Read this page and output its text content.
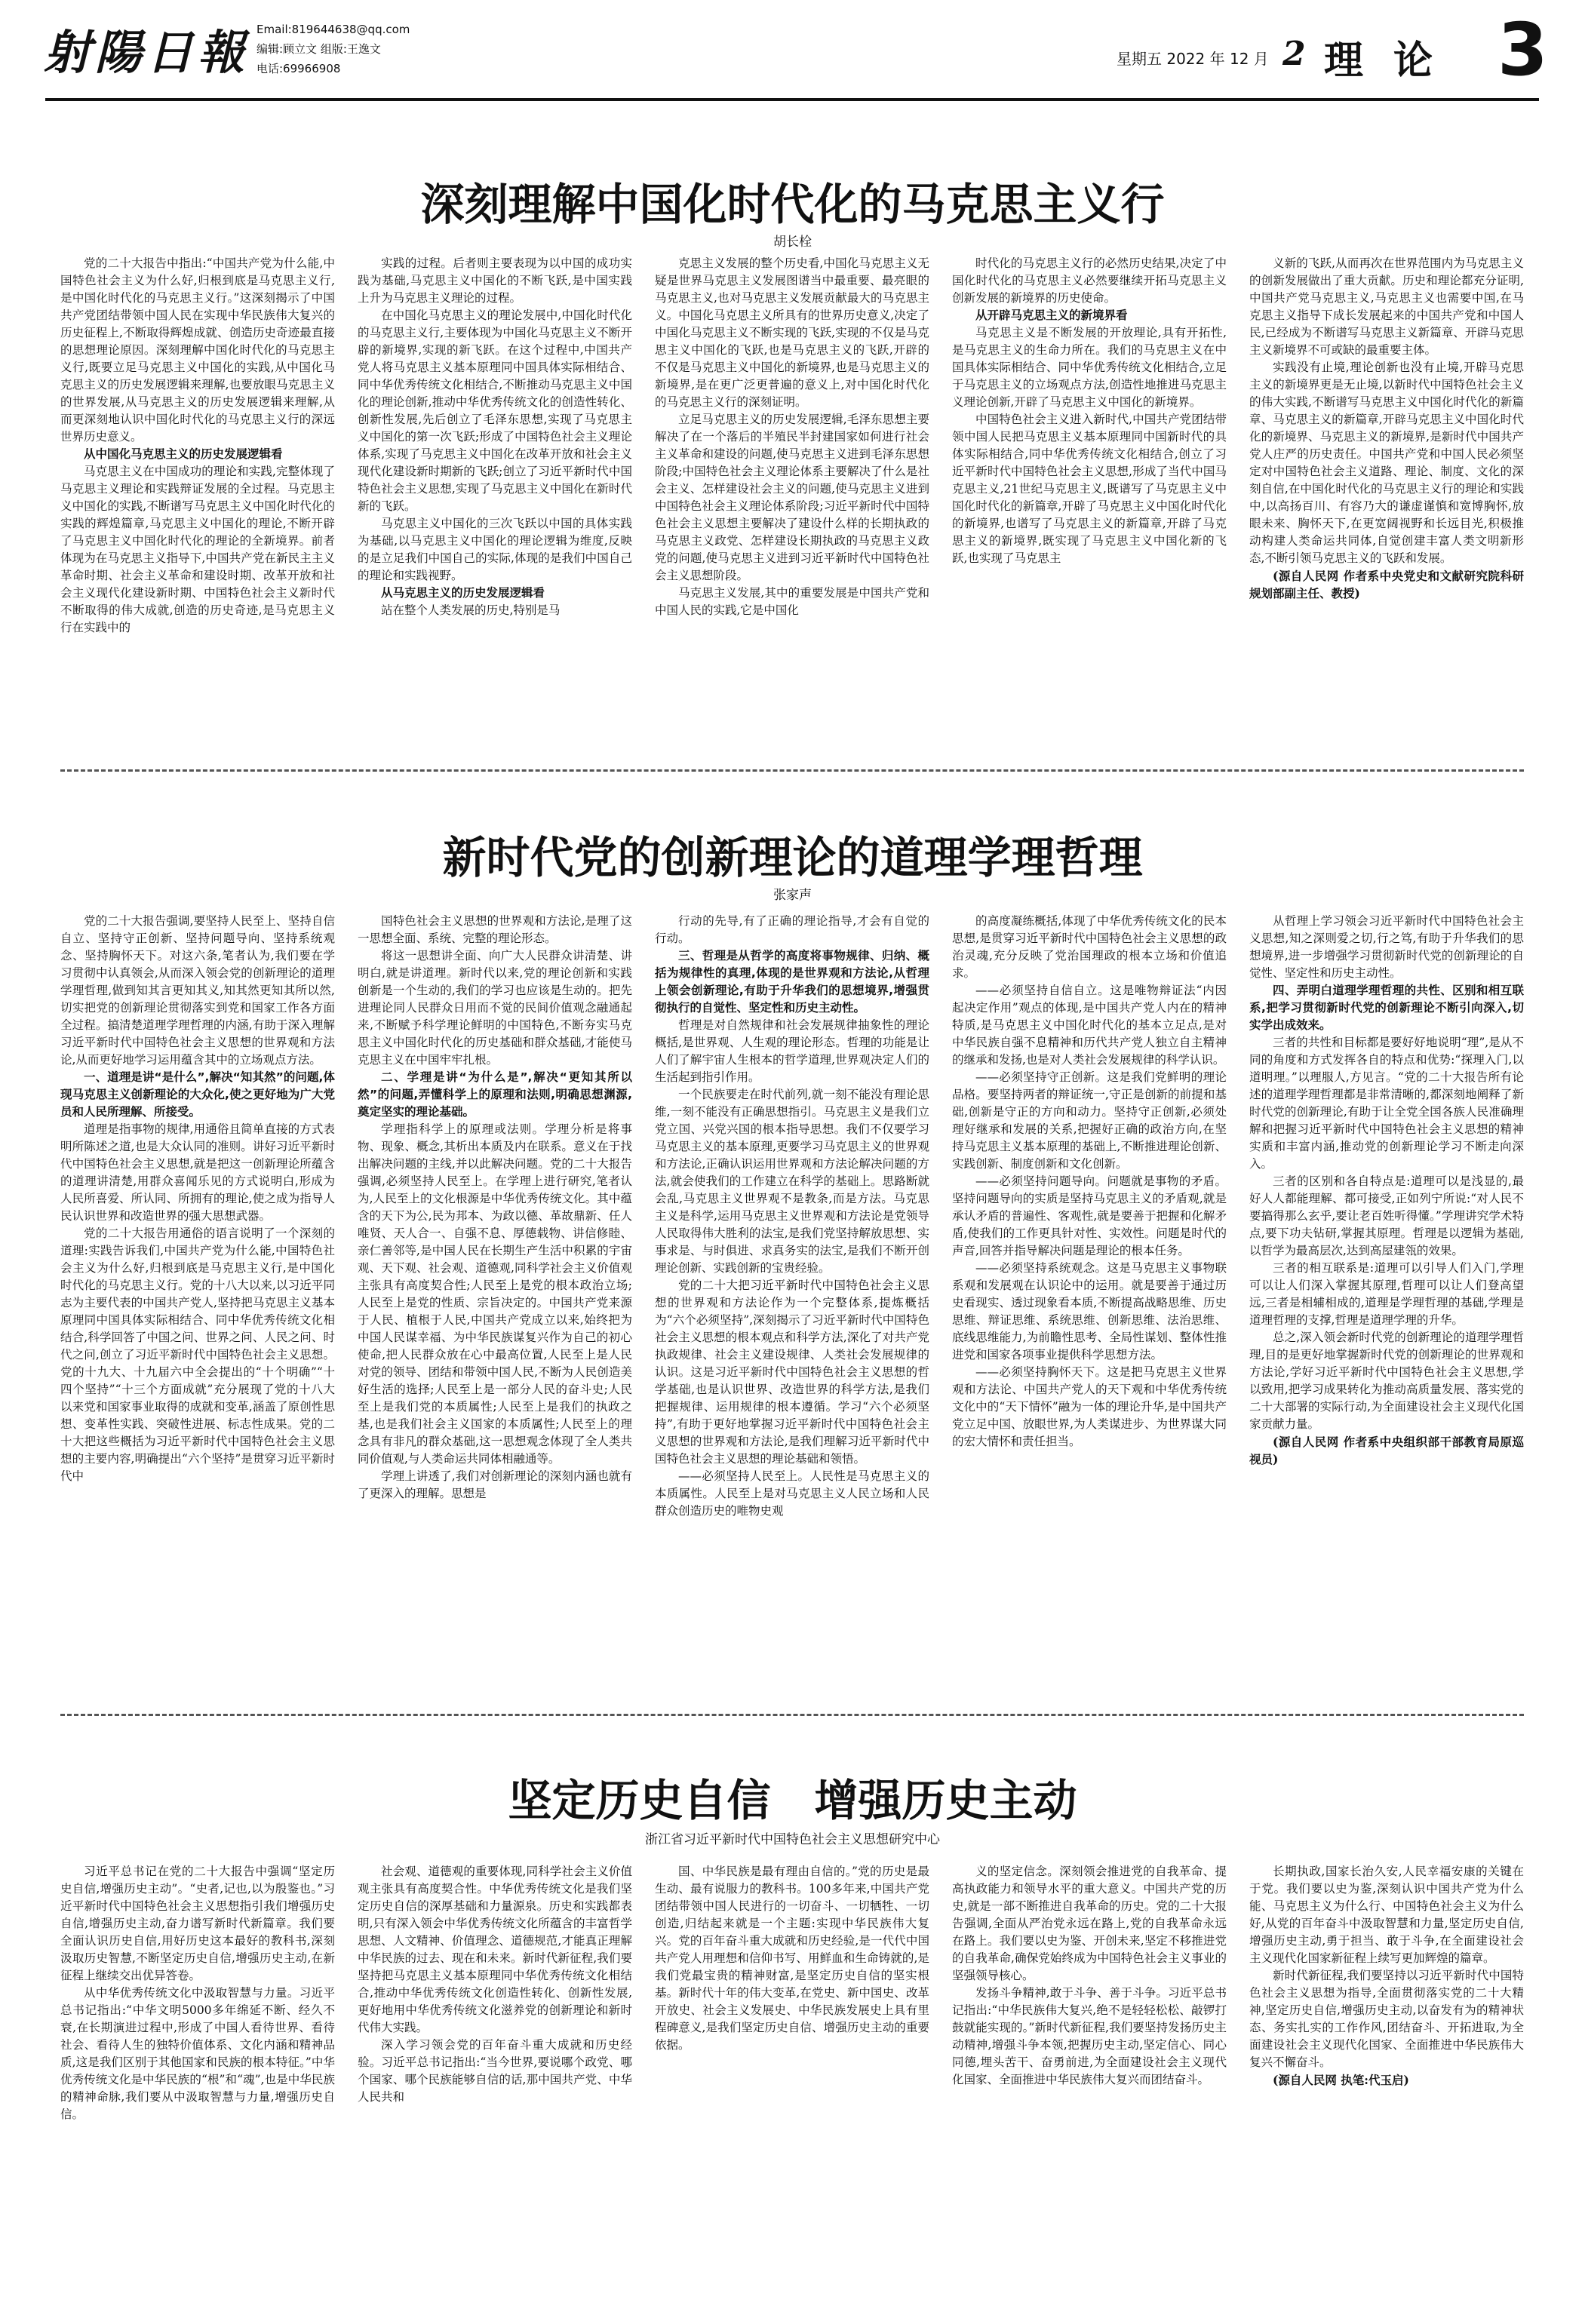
射陽日報 Email:819644638@qq.com
编辑:顾立文 组版:王逸文
电话:69966908
星期五 2022 年 12 月 2 理论 3
深刻理解中国化时代化的马克思主义行
胡长栓

党的二十大报告中指出:“中国共产党为什么能,中国特色社会主义为什么好,归根到底是马克思主义行,是中国化时代化的马克思主义行。”这深刻揭示了中国共产党团结带领中国人民在实现中华民族伟大复兴的历史征程上,不断取得辉煌成就、创造历史奇迹最直接的思想理论原因。深刻理解中国化时代化的马克思主义行,既要立足马克思主义中国化的实践,从中国化马克思主义的历史发展逻辑来理解,也要放眼马克思主义的世界发展,从马克思主义的历史发展逻辑来理解,从而更深刻地认识中国化时代化的马克思主义行的深远世界历史意义。

从中国化马克思主义的历史发展逻辑看

马克思主义在中国成功的理论和实践,完整体现了马克思主义理论和实践辩证发展的全过程。马克思主义中国化的实践,不断谱写马克思主义中国化时代化的实践的辉煌篇章,马克思主义中国化的理论,不断开辟了马克思主义中国化时代化的理论的全新境界。前者体现为在马克思主义指导下,中国共产党在新民主主义革命时期、社会主义革命和建设时期、改革开放和社会主义现代化建设新时期、中国特色社会主义新时代不断取得的伟大成就,创造的历史奇迹,是马克思主义行在实践中的

实践的过程。后者则主要表现为以中国的成功实践为基础,马克思主义中国化的不断飞跃,是中国实践上升为马克思主义理论的过程。

在中国化马克思主义的理论发展中,中国化时代化的马克思主义行,主要体现为中国化马克思主义不断开辟的新境界,实现的新飞跃。在这个过程中,中国共产党人将马克思主义基本原理同中国具体实际相结合、同中华优秀传统文化相结合,不断推动马克思主义中国化的理论创新,推动中华优秀传统文化的创造性转化、创新性发展,先后创立了毛泽东思想,实现了马克思主义中国化的第一次飞跃;形成了中国特色社会主义理论体系,实现了马克思主义中国化在改革开放和社会主义现代化建设新时期新的飞跃;创立了习近平新时代中国特色社会主义思想,实现了马克思主义中国化在新时代新的飞跃。

马克思主义中国化的三次飞跃以中国的具体实践为基础,以马克思主义中国化的理论逻辑为维度,反映的是立足我们中国自己的实际,体现的是我们中国自己的理论和实践视野。

从马克思主义的历史发展逻辑看

站在整个人类发展的历史,特别是马

克思主义发展的整个历史看,中国化马克思主义无疑是世界马克思主义发展图谱当中最重要、最亮眼的马克思主义,也对马克思主义发展贡献最大的马克思主义。中国化马克思主义所具有的世界历史意义,决定了中国化马克思主义不断实现的飞跃,实现的不仅是马克思主义中国化的飞跃,也是马克思主义的飞跃,开辟的不仅是马克思主义中国化的新境界,也是马克思主义的新境界,是在更广泛更普遍的意义上,对中国化时代化的马克思主义行的深刻证明。

立足马克思主义的历史发展逻辑,毛泽东思想主要解决了在一个落后的半殖民半封建国家如何进行社会主义革命和建设的问题,使马克思主义进到毛泽东思想阶段;中国特色社会主义理论体系主要解决了什么是社会主义、怎样建设社会主义的问题,使马克思主义进到中国特色社会主义理论体系阶段;习近平新时代中国特色社会主义思想主要解决了建设什么样的长期执政的马克思主义政党、怎样建设长期执政的马克思主义政党的问题,使马克思主义进到习近平新时代中国特色社会主义思想阶段。

马克思主义发展,其中的重要发展是中国共产党和中国人民的实践,它是中国化

时代化的马克思主义行的必然历史结果,决定了中国化时代化的马克思主义必然要继续开拓马克思主义创新发展的新境界的历史使命。

从开辟马克思主义的新境界看

马克思主义是不断发展的开放理论,具有开拓性,是马克思主义的生命力所在。我们的马克思主义在中国具体实际相结合、同中华优秀传统文化相结合,立足于马克思主义的立场观点方法,创造性地推进马克思主义理论创新,开辟了马克思主义中国化的新境界。

中国特色社会主义进入新时代,中国共产党团结带领中国人民把马克思主义基本原理同中国新时代的具体实际相结合,同中华优秀传统文化相结合,创立了习近平新时代中国特色社会主义思想,形成了当代中国马克思主义,21世纪马克思主义,既谱写了马克思主义中国化时代化的新篇章,开辟了马克思主义中国化时代化的新境界,也谱写了马克思主义的新篇章,开辟了马克思主义的新境界,既实现了马克思主义中国化新的飞跃,也实现了马克思主

义新的飞跃,从而再次在世界范围内为马克思主义的创新发展做出了重大贡献。历史和理论都充分证明,中国共产党马克思主义,马克思主义也需要中国,在马克思主义指导下成长发展起来的中国共产党和中国人民,已经成为不断谱写马克思主义新篇章、开辟马克思主义新境界不可或缺的最重要主体。

实践没有止境,理论创新也没有止境,开辟马克思主义的新境界更是无止境,以新时代中国特色社会主义的伟大实践,不断谱写马克思主义中国化时代化的新篇章、马克思主义的新篇章,开辟马克思主义中国化时代化的新境界、马克思主义的新境界,是新时代中国共产党人庄严的历史责任。中国共产党和中国人民必须坚定对中国特色社会主义道路、理论、制度、文化的深刻自信,在中国化时代化的马克思主义行的理论和实践中,以高扬百川、有容乃大的谦虚谨慎和宽博胸怀,放眼未来、胸怀天下,在更宽阔视野和长远目光,积极推动构建人类命运共同体,自觉创建丰富人类文明新形态,不断引领马克思主义的飞跃和发展。

(源自人民网 作者系中央党史和文献研究院科研规划部副主任、教授)

新时代党的创新理论的道理学理哲理
张家声

党的二十大报告强调,要坚持人民至上、坚持自信自立、坚持守正创新、坚持问题导向、坚持系统观念、坚持胸怀天下。对这六条,笔者认为,我们要在学习贯彻中认真领会,从而深入领会党的创新理论的道理学理哲理,做到知其言更知其义,知其然更知其所以然,切实把党的创新理论贯彻落实到党和国家工作各方面全过程。搞清楚道理学理哲理的内涵,有助于深入理解习近平新时代中国特色社会主义思想的世界观和方法论,从而更好地学习运用蕴含其中的立场观点方法。

一、道理是讲“是什么”,解决“知其然”的问题,体现马克思主义创新理论的大众化,使之更好地为广大党员和人民所理解、所接受。

道理是指事物的规律,用通俗且简单直接的方式表明所陈述之道,也是大众认同的准则。讲好习近平新时代中国特色社会主义思想,就是把这一创新理论所蕴含的道理讲清楚,用群众喜闻乐见的方式说明白,形成为人民所喜爱、所认同、所拥有的理论,使之成为指导人民认识世界和改造世界的强大思想武器。

党的二十大报告用通俗的语言说明了一个深刻的道理:实践告诉我们,中国共产党为什么能,中国特色社会主义为什么好,归根到底是马克思主义行,是中国化时代化的马克思主义行。党的十八大以来,以习近平同志为主要代表的中国共产党人,坚持把马克思主义基本原理同中国具体实际相结合、同中华优秀传统文化相结合,科学回答了中国之问、世界之问、人民之问、时代之问,创立了习近平新时代中国特色社会主义思想。党的十九大、十九届六中全会提出的“十个明确”“十四个坚持”“十三个方面成就”充分展现了党的十八大以来党和国家事业取得的成就和变革,涵盖了原创性思想、变革性实践、突破性进展、标志性成果。党的二十大把这些概括为习近平新时代中国特色社会主义思想的主要内容,明确提出“六个坚持”是贯穿习近平新时代中

国特色社会主义思想的世界观和方法论,是理了这一思想全面、系统、完整的理论形态。

将这一思想讲全面、向广大人民群众讲清楚、讲明白,就是讲道理。新时代以来,党的理论创新和实践创新是一个生动的,我们的学习也应该是生动的。把先进理论同人民群众日用而不觉的民间价值观念融通起来,不断赋予科学理论鲜明的中国特色,不断夯实马克思主义中国化时代化的历史基础和群众基础,才能使马克思主义在中国牢牢扎根。

二、学理是讲“为什么是”,解决“更知其所以然”的问题,弄懂科学上的原理和法则,明确思想渊源,奠定坚实的理论基础。

学理指科学上的原理或法则。学理分析是将事物、现象、概念,其析出本质及内在联系。意义在于找出解决问题的主线,并以此解决问题。党的二十大报告强调,必须坚持人民至上。在学理上进行研究,笔者认为,人民至上的文化根源是中华优秀传统文化。其中蕴含的天下为公,民为邦本、为政以德、革故鼎新、任人唯贤、天人合一、自强不息、厚德载物、讲信修睦、亲仁善邻等,是中国人民在长期生产生活中积累的宇宙观、天下观、社会观、道德观,同科学社会主义价值观主张具有高度契合性;人民至上是党的根本政治立场;人民至上是党的性质、宗旨决定的。中国共产党来源于人民、植根于人民,中国共产党成立以来,始终把为中国人民谋幸福、为中华民族谋复兴作为自己的初心使命,把人民群众放在心中最高位置,人民至上是人民对党的领导、团结和带领中国人民,不断为人民创造美好生活的选择;人民至上是一部分人民的奋斗史;人民至上是我们党的本质属性;人民至上是我们的执政之基,也是我们社会主义国家的本质属性;人民至上的理念具有非凡的群众基础,这一思想观念体现了全人类共同价值观,与人类命运共同体相融通等。

学理上讲透了,我们对创新理论的深刻内涵也就有了更深入的理解。思想是

行动的先导,有了正确的理论指导,才会有自觉的行动。

三、哲理是从哲学的高度将事物规律、归纳、概括为规律性的真理,体现的是世界观和方法论,从哲理上领会创新理论,有助于升华我们的思想境界,增强贯彻执行的自觉性、坚定性和历史主动性。

哲理是对自然规律和社会发展规律抽象性的理论概括,是世界观、人生观的理论形态。哲理的功能是让人们了解宇宙人生根本的哲学道理,世界观决定人们的生活起到指引作用。

一个民族要走在时代前列,就一刻不能没有理论思维,一刻不能没有正确思想指引。马克思主义是我们立党立国、兴党兴国的根本指导思想。我们不仅要学习马克思主义的基本原理,更要学习马克思主义的世界观和方法论,正确认识运用世界观和方法论解决问题的方法,就会使我们的工作建立在科学的基础上。思路断就会乱,马克思主义世界观不是教条,而是方法。马克思主义是科学,运用马克思主义世界观和方法论是党领导人民取得伟大胜利的法宝,是我们党坚持解放思想、实事求是、与时俱进、求真务实的法宝,是我们不断开创理论创新、实践创新的宝贵经验。

党的二十大把习近平新时代中国特色社会主义思想的世界观和方法论作为一个完整体系,提炼概括为“六个必须坚持”,深刻揭示了习近平新时代中国特色社会主义思想的根本观点和科学方法,深化了对共产党执政规律、社会主义建设规律、人类社会发展规律的认识。这是习近平新时代中国特色社会主义思想的哲学基础,也是认识世界、改造世界的科学方法,是我们把握规律、运用规律的根本遵循。学习“六个必须坚持”,有助于更好地掌握习近平新时代中国特色社会主义思想的世界观和方法论,是我们理解习近平新时代中国特色社会主义思想的理论基础和领悟。

——必须坚持人民至上。人民性是马克思主义的本质属性。人民至上是对马克思主义人民立场和人民群众创造历史的唯物史观

的高度凝练概括,体现了中华优秀传统文化的民本思想,是贯穿习近平新时代中国特色社会主义思想的政治灵魂,充分反映了党治国理政的根本立场和价值追求。

——必须坚持自信自立。这是唯物辩证法“内因起决定作用”观点的体现,是中国共产党人内在的精神特质,是马克思主义中国化时代化的基本立足点,是对中华民族自强不息精神和历代共产党人独立自主精神的继承和发扬,也是对人类社会发展规律的科学认识。

——必须坚持守正创新。这是我们党鲜明的理论品格。要坚持两者的辩证统一,守正是创新的前提和基础,创新是守正的方向和动力。坚持守正创新,必须处理好继承和发展的关系,把握好正确的政治方向,在坚持马克思主义基本原理的基础上,不断推进理论创新、实践创新、制度创新和文化创新。

——必须坚持问题导向。问题就是事物的矛盾。坚持问题导向的实质是坚持马克思主义的矛盾观,就是承认矛盾的普遍性、客观性,就是要善于把握和化解矛盾,使我们的工作更具针对性、实效性。问题是时代的声音,回答并指导解决问题是理论的根本任务。

——必须坚持系统观念。这是马克思主义事物联系观和发展观在认识论中的运用。就是要善于通过历史看现实、透过现象看本质,不断提高战略思维、历史思维、辩证思维、系统思维、创新思维、法治思维、底线思维能力,为前瞻性思考、全局性谋划、整体性推进党和国家各项事业提供科学思想方法。

——必须坚持胸怀天下。这是把马克思主义世界观和方法论、中国共产党人的天下观和中华优秀传统文化中的“天下情怀”融为一体的理论升华,是中国共产党立足中国、放眼世界,为人类谋进步、为世界谋大同的宏大情怀和责任担当。

从哲理上学习领会习近平新时代中国特色社会主义思想,知之深则爱之切,行之笃,有助于升华我们的思想境界,进一步增强学习贯彻新时代党的创新理论的自觉性、坚定性和历史主动性。

四、弄明白道理学理哲理的共性、区别和相互联系,把学习贯彻新时代党的创新理论不断引向深入,切实学出成效来。

三者的共性和目标都是要好好地说明“理”,是从不同的角度和方式发挥各自的特点和优势:“探理入门,以道明理。”以理服人,方见言。“党的二十大报告所有论述的道理学理哲理都是非常清晰的,都深刻地阐释了新时代党的创新理论,有助于让全党全国各族人民准确理解和把握习近平新时代中国特色社会主义思想的精神实质和丰富内涵,推动党的创新理论学习不断走向深入。

三者的区别和各自特点是:道理可以是浅显的,最好人人都能理解、都可接受,正如列宁所说:“对人民不要搞得那么玄乎,要让老百姓听得懂。”学理讲究学术特点,要下功夫钻研,掌握其原理。哲理是以逻辑为基础,以哲学为最高层次,达到高屋建瓴的效果。

三者的相互联系是:道理可以引导人们入门,学理可以让人们深入掌握其原理,哲理可以让人们登高望远,三者是相辅相成的,道理是学理哲理的基础,学理是道理哲理的支撑,哲理是道理学理的升华。

总之,深入领会新时代党的创新理论的道理学理哲理,目的是更好地掌握新时代党的创新理论的世界观和方法论,学好习近平新时代中国特色社会主义思想,学以致用,把学习成果转化为推动高质量发展、落实党的二十大部署的实际行动,为全面建设社会主义现代化国家贡献力量。

(源自人民网 作者系中央组织部干部教育局原巡视员)

坚定历史自信　增强历史主动
浙江省习近平新时代中国特色社会主义思想研究中心

习近平总书记在党的二十大报告中强调“坚定历史自信,增强历史主动”。“史者,记也,以为殷鉴也。”习近平新时代中国特色社会主义思想指引我们增强历史自信,增强历史主动,奋力谱写新时代新篇章。我们要全面认识历史自信,用好历史这本最好的教科书,深刻汲取历史智慧,不断坚定历史自信,增强历史主动,在新征程上继续交出优异答卷。

从中华优秀传统文化中汲取智慧与力量。习近平总书记指出:“中华文明5000多年绵延不断、经久不衰,在长期演进过程中,形成了中国人看待世界、看待社会、看待人生的独特价值体系、文化内涵和精神品质,这是我们区别于其他国家和民族的根本特征。”中华优秀传统文化是中华民族的“根”和“魂”,也是中华民族的精神命脉,我们要从中汲取智慧与力量,增强历史自信。

社会观、道德观的重要体现,同科学社会主义价值观主张具有高度契合性。中华优秀传统文化是我们坚定历史自信的深厚基础和力量源泉。历史和实践都表明,只有深入领会中华优秀传统文化所蕴含的丰富哲学思想、人文精神、价值理念、道德规范,才能真正理解中华民族的过去、现在和未来。新时代新征程,我们要坚持把马克思主义基本原理同中华优秀传统文化相结合,推动中华优秀传统文化创造性转化、创新性发展,更好地用中华优秀传统文化滋养党的创新理论和新时代伟大实践。

深入学习领会党的百年奋斗重大成就和历史经验。习近平总书记指出:“当今世界,要说哪个政党、哪个国家、哪个民族能够自信的话,那中国共产党、中华人民共和

国、中华民族是最有理由自信的。”党的历史是最生动、最有说服力的教科书。100多年来,中国共产党团结带领中国人民进行的一切奋斗、一切牺牲、一切创造,归结起来就是一个主题:实现中华民族伟大复兴。党的百年奋斗重大成就和历史经验,是一代代中国共产党人用理想和信仰书写、用鲜血和生命铸就的,是我们党最宝贵的精神财富,是坚定历史自信的坚实根基。新时代十年的伟大变革,在党史、新中国史、改革开放史、社会主义发展史、中华民族发展史上具有里程碑意义,是我们坚定历史自信、增强历史主动的重要依据。

义的坚定信念。深刻领会推进党的自我革命、提高执政能力和领导水平的重大意义。中国共产党的历史,就是一部不断推进自我革命的历史。党的二十大报告强调,全面从严治党永远在路上,党的自我革命永远在路上。我们要以史为鉴、开创未来,坚定不移推进党的自我革命,确保党始终成为中国特色社会主义事业的坚强领导核心。

发扬斗争精神,敢于斗争、善于斗争。习近平总书记指出:“中华民族伟大复兴,绝不是轻轻松松、敲锣打鼓就能实现的。”新时代新征程,我们要坚持发扬历史主动精神,增强斗争本领,把握历史主动,坚定信心、同心同德,埋头苦干、奋勇前进,为全面建设社会主义现代化国家、全面推进中华民族伟大复兴而团结奋斗。

长期执政,国家长治久安,人民幸福安康的关键在于党。我们要以史为鉴,深刻认识中国共产党为什么能、马克思主义为什么行、中国特色社会主义为什么好,从党的百年奋斗中汲取智慧和力量,坚定历史自信,增强历史主动,勇于担当、敢于斗争,在全面建设社会主义现代化国家新征程上续写更加辉煌的篇章。

新时代新征程,我们要坚持以习近平新时代中国特色社会主义思想为指导,全面贯彻落实党的二十大精神,坚定历史自信,增强历史主动,以奋发有为的精神状态、务实扎实的工作作风,团结奋斗、开拓进取,为全面建设社会主义现代化国家、全面推进中华民族伟大复兴不懈奋斗。

(源自人民网 执笔:代玉启)
